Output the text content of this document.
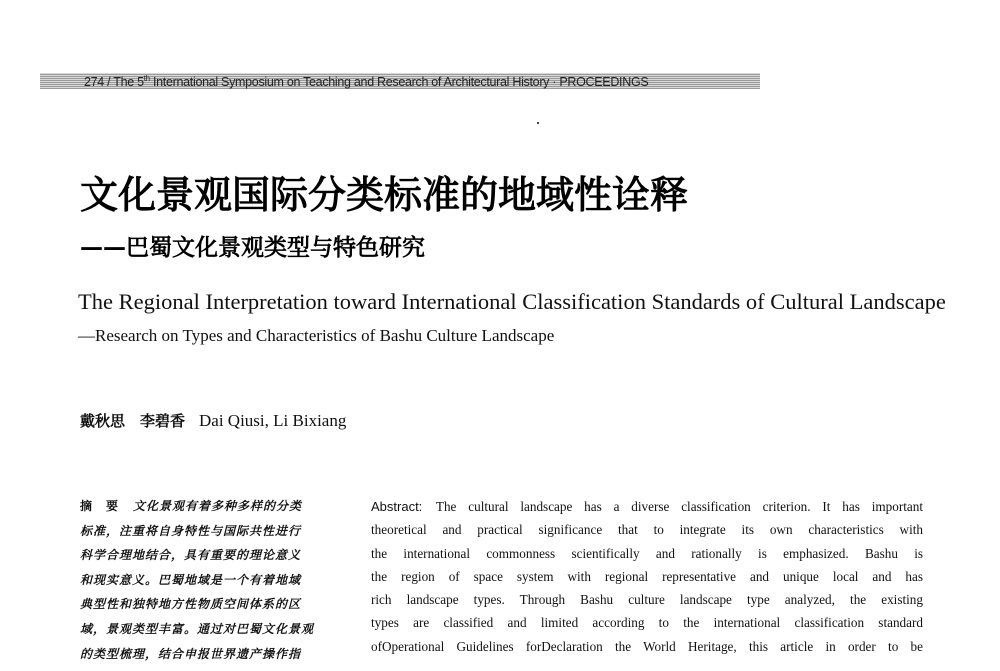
274 / The 5th International Symposium on Teaching and Research of Architectural History · PROCEEDINGS
文化景观国际分类标准的地域性诠释
——巴蜀文化景观类型与特色研究
The Regional Interpretation toward International Classification Standards of Cultural Landscape
—Research on Types and Characteristics of Bashu Culture Landscape
戴秋思　李碧香 Dai Qiusi, Li Bixiang
摘　要 文化景观有着多种多样的分类
标准，注重将自身特性与国际共性进行
科学合理地结合，具有重要的理论意义
和现实意义。巴蜀地域是一个有着地域
典型性和独特地方性物质空间体系的区
域，景观类型丰富。通过对巴蜀文化景观
的类型梳理，结合申报世界遗产操作指
Abstract: The cultural landscape has a diverse classification criterion. It has important
theoretical and practical significance that to integrate its own characteristics with
the international commonness scientifically and rationally is emphasized. Bashu is
the region of space system with regional representative and unique local and has
rich landscape types. Through Bashu culture landscape type analyzed, the existing
types are classified and limited according to the international classification standard
ofOperational Guidelines forDeclaration the World Heritage, this article in order to be
